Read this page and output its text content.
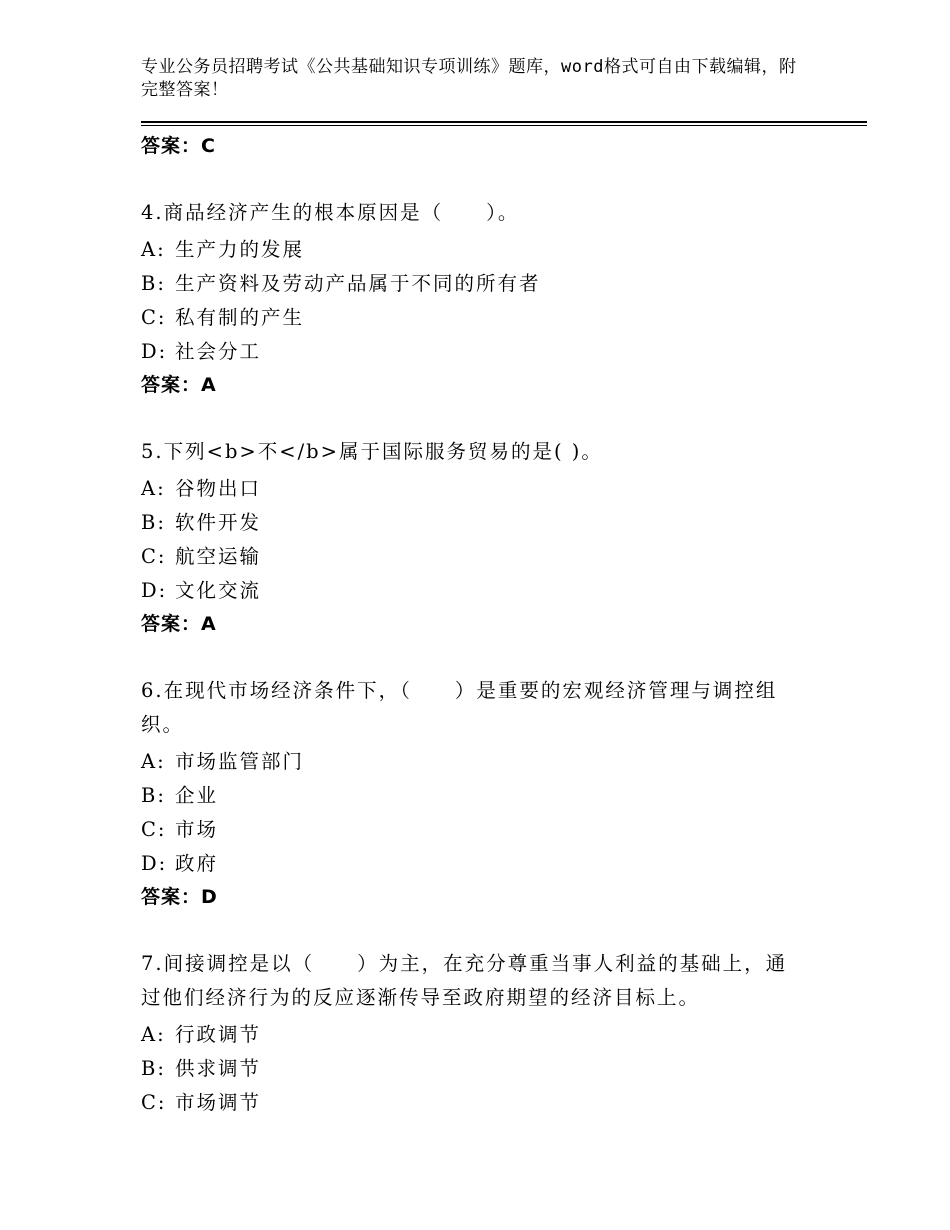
专业公务员招聘考试《公共基础知识专项训练》题库，word格式可自由下载编辑，附完整答案！
答案：C
4.商品经济产生的根本原因是（　　）。
A: 生产力的发展
B: 生产资料及劳动产品属于不同的所有者
C: 私有制的产生
D: 社会分工
答案：A
5.下列<b>不</b>属于国际服务贸易的是( )。
A: 谷物出口
B: 软件开发
C: 航空运输
D: 文化交流
答案：A
6.在现代市场经济条件下，（　　）是重要的宏观经济管理与调控组织。
A: 市场监管部门
B: 企业
C: 市场
D: 政府
答案：D
7.间接调控是以（　　）为主，在充分尊重当事人利益的基础上，通过他们经济行为的反应逐渐传导至政府期望的经济目标上。
A: 行政调节
B: 供求调节
C: 市场调节
